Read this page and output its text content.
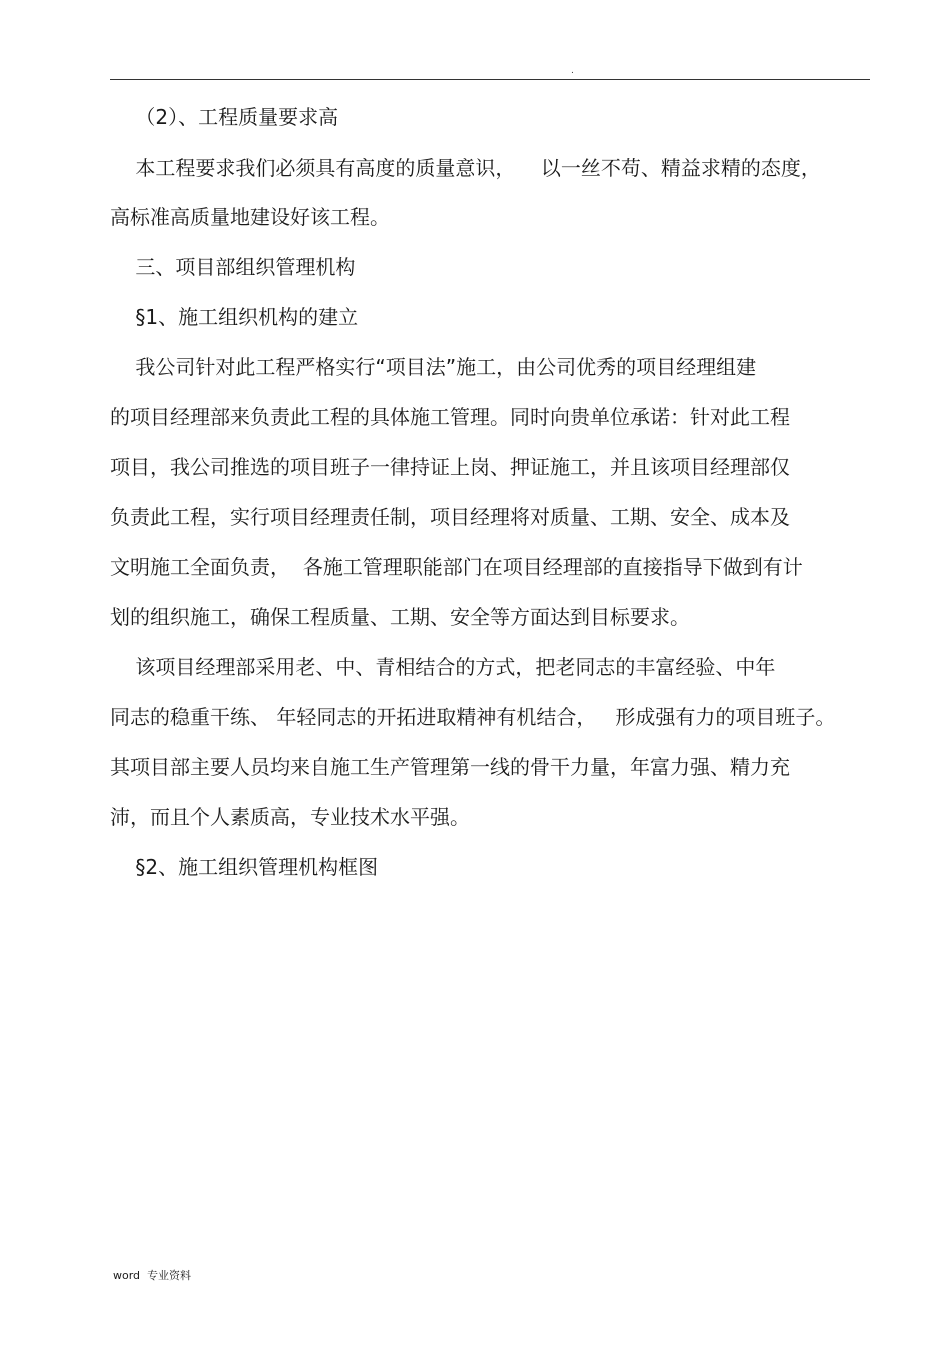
.
（2）、工程质量要求高
本工程要求我们必须具有高度的质量意识，    以一丝不苟、精益求精的态度，
高标准高质量地建设好该工程。
三、项目部组织管理机构
§1、施工组织机构的建立
我公司针对此工程严格实行“项目法”施工，由公司优秀的项目经理组建
的项目经理部来负责此工程的具体施工管理。同时向贵单位承诺：针对此工程
项目，我公司推选的项目班子一律持证上岗、押证施工，并且该项目经理部仅
负责此工程，实行项目经理责任制，项目经理将对质量、工期、安全、成本及
文明施工全面负责，  各施工管理职能部门在项目经理部的直接指导下做到有计
划的组织施工，确保工程质量、工期、安全等方面达到目标要求。
该项目经理部采用老、中、青相结合的方式，把老同志的丰富经验、中年
同志的稳重干练、 年轻同志的开拓进取精神有机结合，   形成强有力的项目班子。
其项目部主要人员均来自施工生产管理第一线的骨干力量，年富力强、精力充
沛，而且个人素质高，专业技术水平强。
§2、施工组织管理机构框图
word  专业资料
